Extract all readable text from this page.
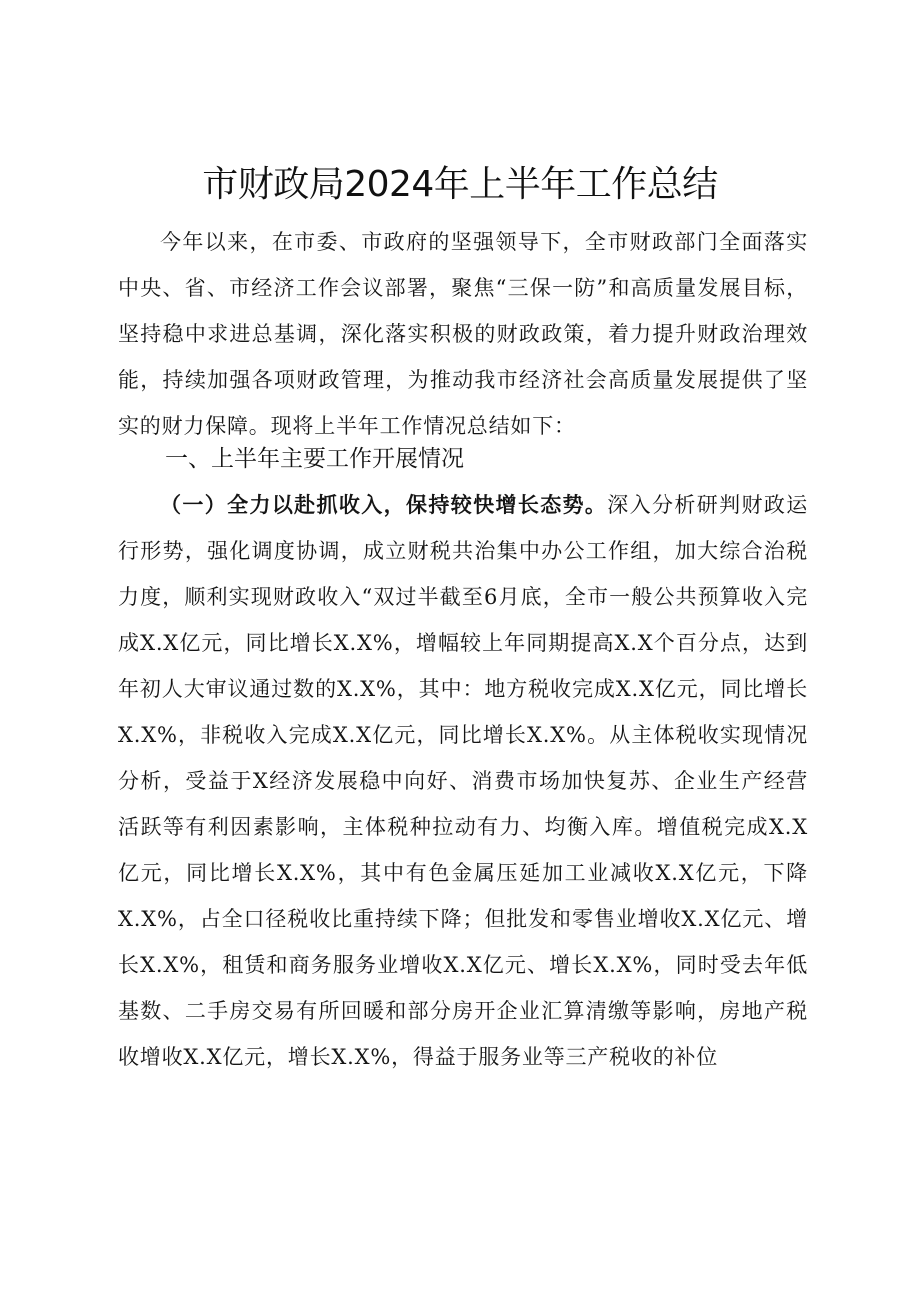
市财政局2024年上半年工作总结

今年以来，在市委、市政府的坚强领导下，全市财政部门全面落实中央、省、市经济工作会议部署，聚焦“三保一防”和高质量发展目标，坚持稳中求进总基调，深化落实积极的财政政策，着力提升财政治理效能，持续加强各项财政管理，为推动我市经济社会高质量发展提供了坚实的财力保障。现将上半年工作情况总结如下：

一、上半年主要工作开展情况

（一）全力以赴抓收入，保持较快增长态势。深入分析研判财政运行形势，强化调度协调，成立财税共治集中办公工作组，加大综合治税力度，顺利实现财政收入“双过半截至6月底，全市一般公共预算收入完成X.X亿元，同比增长X.X%，增幅较上年同期提高X.X个百分点，达到年初人大审议通过数的X.X%，其中：地方税收完成X.X亿元，同比增长X.X%，非税收入完成X.X亿元，同比增长X.X%。从主体税收实现情况分析，受益于X经济发展稳中向好、消费市场加快复苏、企业生产经营活跃等有利因素影响，主体税种拉动有力、均衡入库。增值税完成X.X亿元，同比增长X.X%，其中有色金属压延加工业减收X.X亿元，下降X.X%，占全口径税收比重持续下降；但批发和零售业增收X.X亿元、增长X.X%，租赁和商务服务业增收X.X亿元、增长X.X%，同时受去年低基数、二手房交易有所回暖和部分房开企业汇算清缴等影响，房地产税收增收X.X亿元，增长X.X%，得益于服务业等三产税收的补位
